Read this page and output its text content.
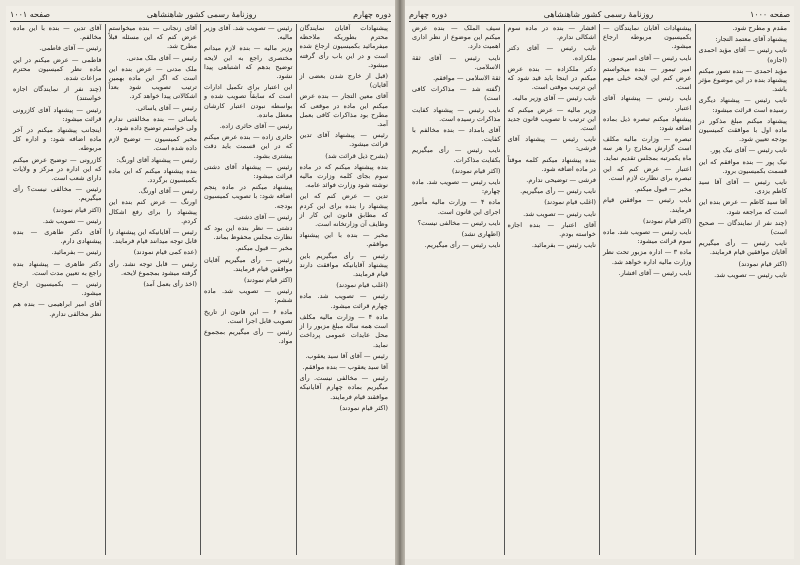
دوره چهارم
روزنامهٔ رسمی کشور شاهنشاهی
صفحه ۱۰۰۱

پیشنهادات آقایان نمایندگان محترم بطوریکه ملاحظه میفرمائید بکمیسیون ارجاع شده است و در این باب رأی گرفته میشود.

(قبل از خارج شدن بعضی از آقایان)

آقای معین التجار — بنده عرض میکنم این ماده در موقعی که مطرح بود مذاکرات کافی بعمل آمد.

رئیس — پیشنهاد آقای تدین قرائت میشود.

(بشرح ذیل قرائت شد)

بنده پیشنهاد میکنم که در ماده سوم بجای کلمه وزارت مالیه نوشته شود وزارت فوائد عامه.

تدین — عرض کنم که این پیشنهاد را بنده برای این کردم که مطابق قانون این کار از وظایف آن وزارتخانه است.

مخبر — بنده با این پیشنهاد موافقم.

رئیس — رأی میگیریم باین پیشنهاد آقایانیکه موافقت دارند قیام فرمایند.

(اغلب قیام نمودند)

رئیس — تصویب شد. ماده چهارم قرائت میشود.

ماده ۴ — وزارت مالیه مکلف است همه ساله مبلغ مزبور را از محل عایدات عمومی پرداخت نماید.

رئیس — آقای آقا سید یعقوب.

آقا سید یعقوب — بنده موافقم.

رئیس — مخالفی نیست. رأی میگیریم بماده چهارم آقایانیکه موافقند قیام فرمایند.

(اکثر قیام نمودند)

رئیس — تصویب شد. آقای وزیر مالیه.

وزیر مالیه — بنده لازم میدانم مختصری راجع به این لایحه توضیح بدهم که اشتباهی پیدا نشود.

این اعتبار برای تکمیل ادارات است که سابقاً تصویب شده و بواسطه نبودن اعتبار کارشان معطل مانده.

رئیس — آقای حائری زاده.

حائری زاده — بنده عرض میکنم که در این قسمت باید دقت بیشتری بشود.

رئیس — پیشنهاد آقای دشتی قرائت میشود:

پیشنهاد میکنم در ماده پنجم اضافه شود: با تصویب کمیسیون بودجه.

رئیس — آقای دشتی.

دشتی — نظر بنده این بود که نظارت مجلس محفوظ بماند.

مخبر — قبول میکنم.

رئیس — رأی میگیریم آقایان موافقین قیام فرمایند.

(اکثر قیام نمودند)

رئیس — تصویب شد. ماده ششم:

ماده ۶ — این قانون از تاریخ تصویب قابل اجرا است.

رئیس — رأی میگیریم بمجموع مواد.

آقای زنجانی — بنده میخواستم عرض کنم که این مسئله قبلاً مطرح شد.

رئیس — آقای ملک مدنی.

ملک مدنی — عرض بنده این است که اگر این ماده بهمین ترتیب تصویب شود بعداً اشکالاتی پیدا خواهد کرد.

رئیس — آقای یاسائی.

یاسائی — بنده مخالفتی ندارم ولی خواستم توضیح داده شود.

مخبر کمیسیون — توضیح لازم داده شده است.

رئیس — پیشنهاد آقای اورنگ:

بنده پیشنهاد میکنم که این ماده بکمیسیون برگردد.

رئیس — آقای اورنگ.

اورنگ — عرض کنم بنده این پیشنهاد را برای رفع اشکال کردم.

رئیس — آقایانیکه این پیشنهاد را قابل توجه میدانند قیام فرمایند.

(عده کمی قیام نمودند)

رئیس — قابل توجه نشد. رأی گرفته میشود بمجموع لایحه.

(اخذ رأی بعمل آمد)

آقای تدین — بنده با این ماده مخالفم.

رئیس — آقای فاطمی.

فاطمی — عرض میکنم در این ماده نظر کمیسیون محترم مراعات شده.

(چند نفر از نمایندگان اجازه خواستند)

رئیس — پیشنهاد آقای کازرونی قرائت میشود:

اینجانب پیشنهاد میکنم در آخر ماده اضافه شود: و اداره کل مربوطه.

کازرونی — توضیح عرض میکنم که این اداره در مرکز و ولایات دارای شعب است.

رئیس — مخالفی نیست؟ رأی میگیریم.

(اکثر قیام نمودند)

رئیس — تصویب شد.

آقای دکتر طاهری — بنده پیشنهادی دارم.

رئیس — بفرمائید.

دکتر طاهری — پیشنهاد بنده راجع به تعیین مدت است.

رئیس — بکمیسیون ارجاع میشود.

آقای امیر ابراهیمی — بنده هم نظر مخالفی ندارم.

صفحه ۱۰۰۰
روزنامهٔ رسمی کشور شاهنشاهی
دوره چهارم

مقدم و مطرح شود.

پیشنهاد آقای معتمد التجار:

نایب رئیس — آقای مؤید احمدی (اجازه)

مؤید احمدی — بنده تصور میکنم پیشنهاد بنده در این موضوع مؤثر باشد.

نایب رئیس — پیشنهاد دیگری رسیده است قرائت میشود:

پیشنهاد میکنم مبلغ مذکور در ماده اول با موافقت کمیسیون بودجه تعیین شود.

نایب رئیس — آقای نیک پور.

نیک پور — بنده موافقم که این قسمت بکمیسیون برود.

نایب رئیس — آقای آقا سید کاظم یزدی.

آقا سید کاظم — عرض بنده این است که مراجعه شود.

(چند نفر از نمایندگان — صحیح است)

نایب رئیس — رأی میگیریم آقایان موافقین قیام فرمایند.

(اکثر قیام نمودند)

نایب رئیس — تصویب شد.

پیشنهادات آقایان نمایندگان — بکمیسیون مربوطه ارجاع میشود.

نایب رئیس — آقای امیر تیمور.

امیر تیمور — بنده میخواستم عرض کنم این لایحه خیلی مهم است.

نایب رئیس — پیشنهاد آقای اعتبار.

پیشنهاد میکنم تبصره ذیل بماده اضافه شود:

تبصره — وزارت مالیه مکلف است گزارش مخارج را هر سه ماه یکمرتبه بمجلس تقدیم نماید.

اعتبار — عرض کنم که این تبصره برای نظارت لازم است.

مخبر — قبول میکنم.

نایب رئیس — موافقین قیام فرمایند.

(اکثر قیام نمودند)

نایب رئیس — تصویب شد. ماده سوم قرائت میشود:

ماده ۳ — اداره مزبور تحت نظر وزارت مالیه اداره خواهد شد.

نایب رئیس — آقای افشار.

افشار — بنده در ماده سوم اشکالی ندارم.

نایب رئیس — آقای دکتر ملکزاده.

دکتر ملکزاده — بنده عرض میکنم در اینجا باید قید شود که این ترتیب موقتی است.

نایب رئیس — آقای وزیر مالیه.

وزیر مالیه — عرض میکنم که این ترتیب تا تصویب قانون جدید است.

نایب رئیس — پیشنهاد آقای فرشی:

بنده پیشنهاد میکنم کلمه موقتاً در ماده اضافه شود.

فرشی — توضیحی ندارم.

نایب رئیس — رأی میگیریم.

(اغلب قیام نمودند)

نایب رئیس — تصویب شد.

آقای اعتبار — بنده اجازه خواسته بودم.

نایب رئیس — بفرمائید.

سیف الملک — بنده عرض میکنم این موضوع از نظر اداری اهمیت دارد.

نایب رئیس — آقای ثقة الاسلامی.

ثقة الاسلامی — موافقم.

(گفته شد — مذاکرات کافی است)

نایب رئیس — پیشنهاد کفایت مذاکرات رسیده است.

آقای بامداد — بنده مخالفم با کفایت.

نایب رئیس — رأی میگیریم بکفایت مذاکرات.

(اکثر قیام نمودند)

نایب رئیس — تصویب شد. ماده چهارم:

ماده ۴ — وزارت مالیه مأمور اجرای این قانون است.

نایب رئیس — مخالفی نیست؟

(اظهاری نشد)

نایب رئیس — رأی میگیریم.
